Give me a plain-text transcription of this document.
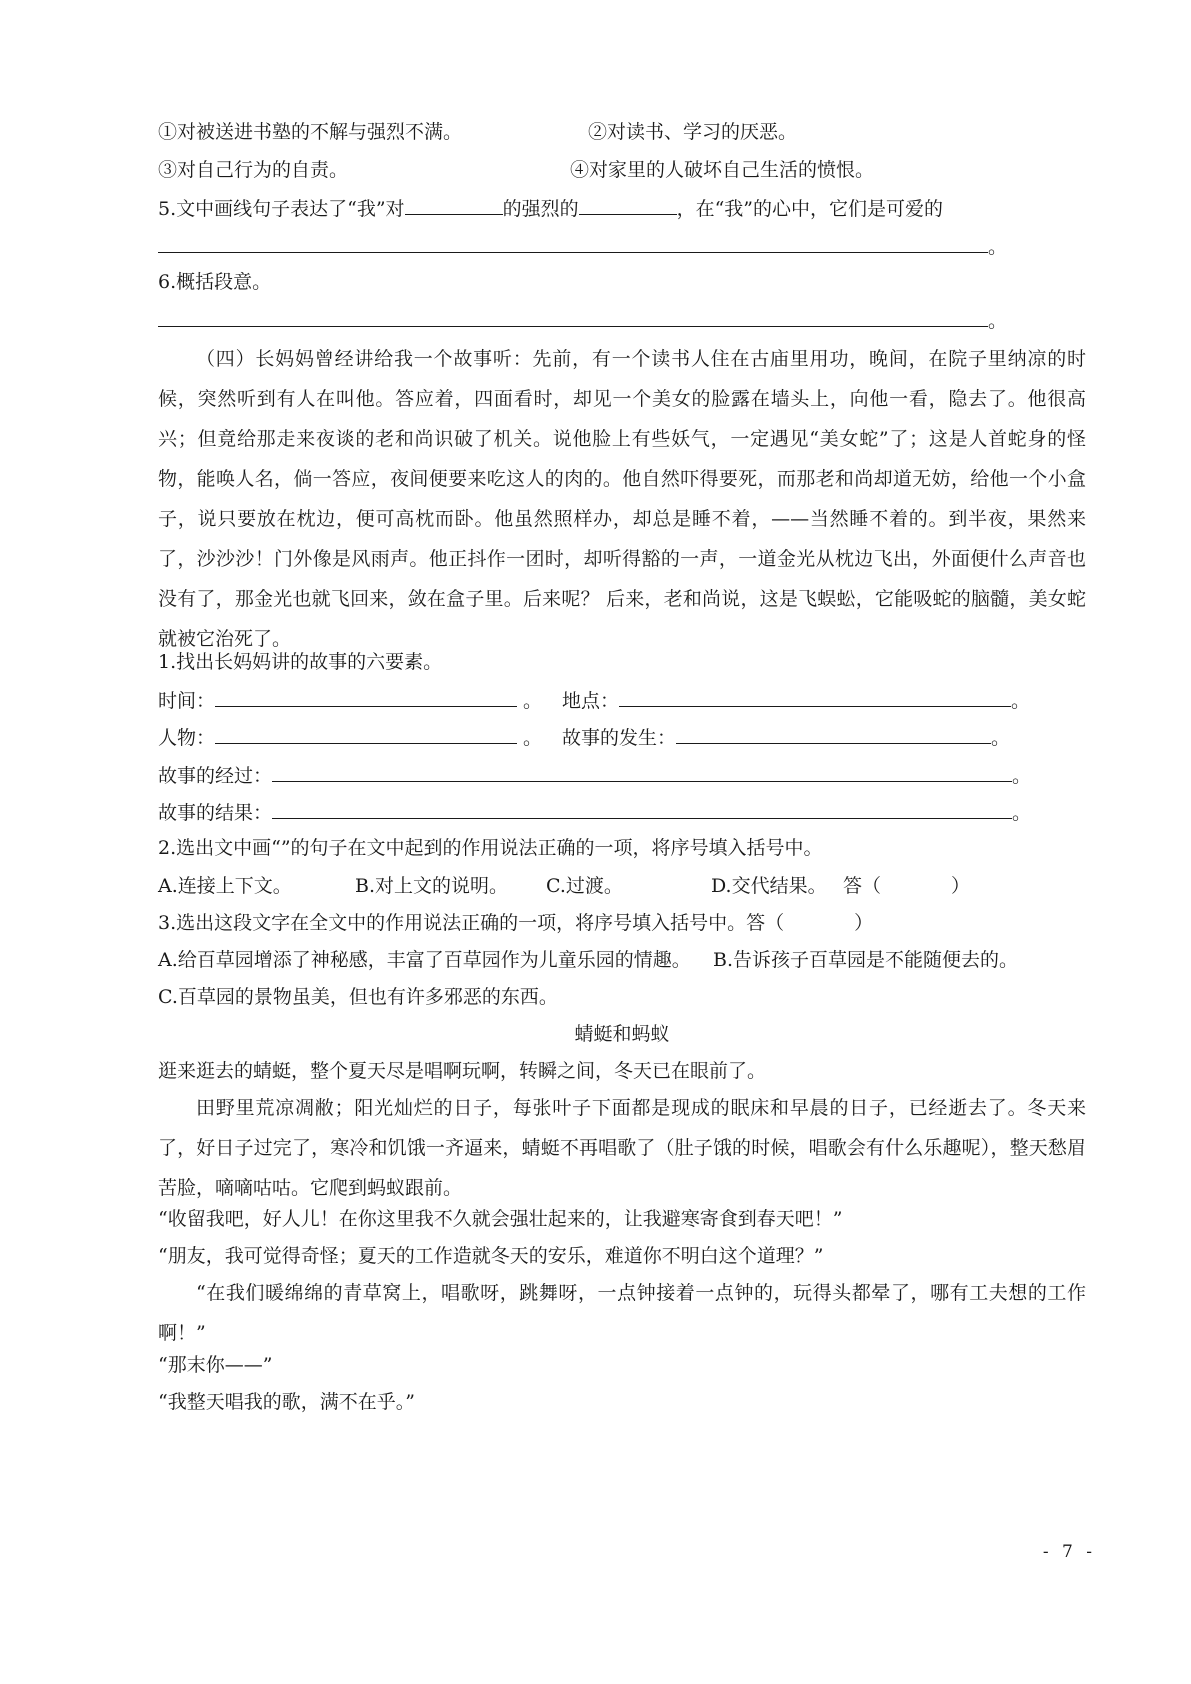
①对被送进书塾的不解与强烈不满。	②对读书、学习的厌恶。
③对自己行为的自责。	④对家里的人破坏自己生活的愤恨。
5.文中画线句子表达了“我”对	的强烈的	，在“我”的心中，它们是可爱的
。
6.概括段意。
。
（四）长妈妈曾经讲给我一个故事听：先前，有一个读书人住在古庙里用功，晚间，在院子里纳凉的时候，突然听到有人在叫他。答应着，四面看时，却见一个美女的脸露在墙头上，向他一看，隐去了。他很高兴；但竟给那走来夜谈的老和尚识破了机关。说他脸上有些妖气，一定遇见“美女蛇”了；这是人首蛇身的怪物，能唤人名，倘一答应，夜间便要来吃这人的肉的。他自然吓得要死，而那老和尚却道无妨，给他一个小盒子，说只要放在枕边，便可高枕而卧。他虽然照样办，却总是睡不着，——当然睡不着的。到半夜，果然来了，沙沙沙！门外像是风雨声。他正抖作一团时，却听得豁的一声，一道金光从枕边飞出，外面便什么声音也没有了，那金光也就飞回来，敛在盒子里。后来呢？ 后来，老和尚说，这是飞蜈蚣，它能吸蛇的脑髓，美女蛇就被它治死了。
1.找出长妈妈讲的故事的六要素。
时间：	。 地点：	。
人物：	。 故事的发生：	。
故事的经过：	。
故事的结果：	。
2.选出文中画“”的句子在文中起到的作用说法正确的一项，将序号填入括号中。
A.连接上下文。	B.对上文的说明。 C.过渡。	D.交代结果。 答（	）
3.选出这段文字在全文中的作用说法正确的一项，将序号填入括号中。答（	）
A.给百草园增添了神秘感，丰富了百草园作为儿童乐园的情趣。 B.告诉孩子百草园是不能随便去的。
C.百草园的景物虽美，但也有许多邪恶的东西。
蜻蜓和蚂蚁
逛来逛去的蜻蜓，整个夏天尽是唱啊玩啊，转瞬之间，冬天已在眼前了。
田野里荒凉凋敝；阳光灿烂的日子，每张叶子下面都是现成的眠床和早晨的日子，已经逝去了。冬天来了，好日子过完了，寒冷和饥饿一齐逼来，蜻蜓不再唱歌了（肚子饿的时候，唱歌会有什么乐趣呢），整天愁眉苦脸，嘀嘀咕咕。它爬到蚂蚁跟前。
“收留我吧，好人儿！在你这里我不久就会强壮起来的，让我避寒寄食到春天吧！”
“朋友，我可觉得奇怪；夏天的工作造就冬天的安乐，难道你不明白这个道理？”
“在我们暖绵绵的青草窝上，唱歌呀，跳舞呀，一点钟接着一点钟的，玩得头都晕了，哪有工夫想的工作啊！”
“那末你——”
“我整天唱我的歌，满不在乎。”
- 7 -
